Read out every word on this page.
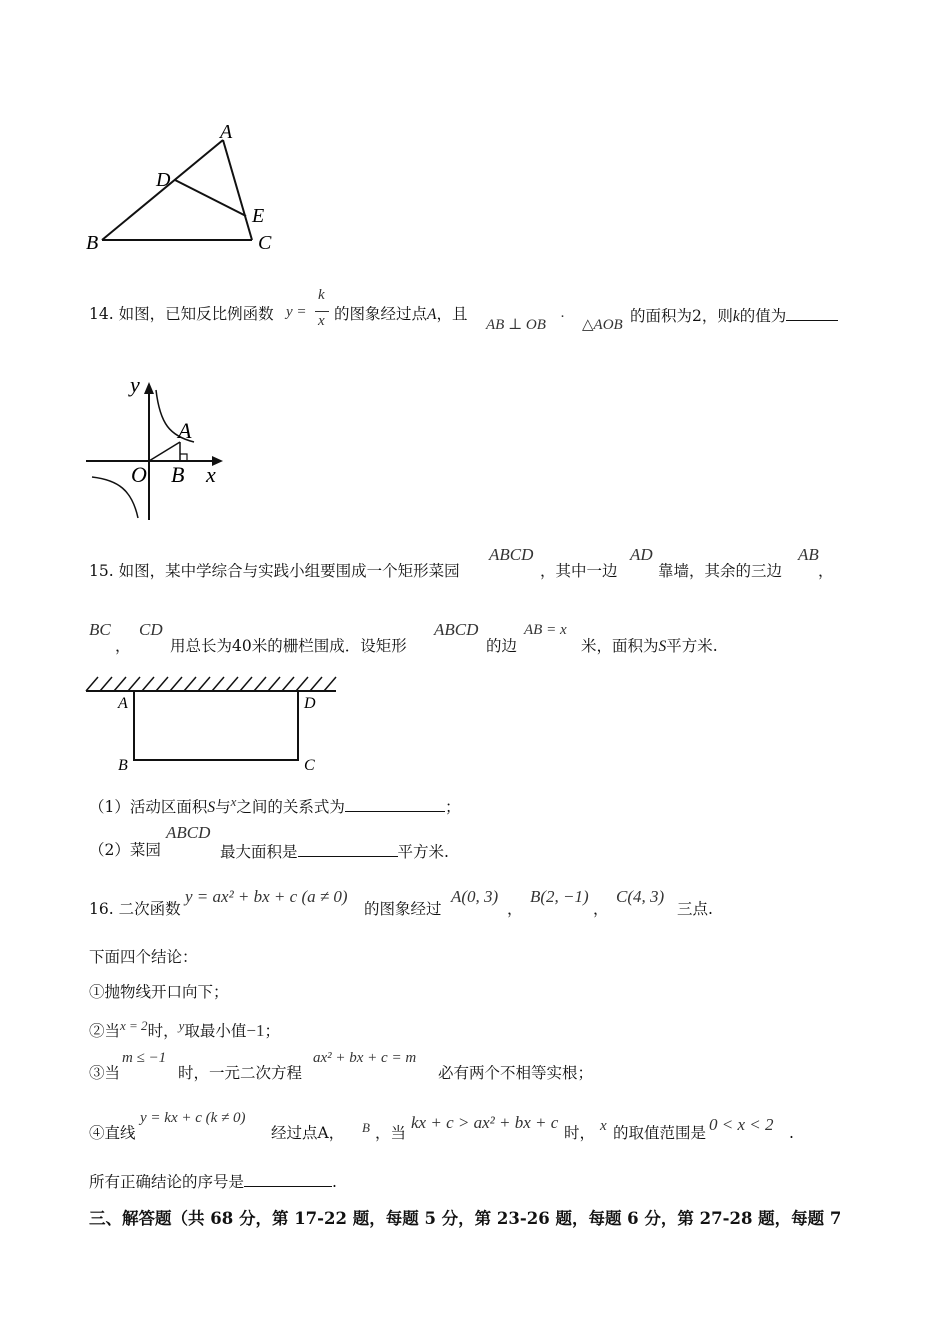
A
D
E
B	C
14. 如图，已知反比例函数 y =
k
x 的图象经过点A，且
AB ⊥ OB
.
△AOB 的面积为2，则k的值为
y
A
O B x
15. 如图，某中学综合与实践小组要围成一个矩形菜园
ABCD
，其中一边
AD
靠墙，其余的三边
AB
，
BC
，
CD
用总长为40米的栅栏围成．设矩形
ABCD
的边
AB = x
米，面积为S平方米.
A	D
B	C
（1）活动区面积S与$^x$之间的关系式为	；
（2）菜园
ABCD
最大面积是	平方米.
16. 二次函数
y = ax² + bx + c (a ≠ 0)
的图象经过
A(0, 3)
，
B(2, −1)
，
C(4, 3)
三点.
下面四个结论：
①抛物线开口向下；
②当$^{x = 2}$时，$^y$取最小值−1；
③当
m ≤ −1
时，一元二次方程
ax² + bx + c = m
必有两个不相等实根；
④直线
y = kx + c (k ≠ 0)
经过点A， B ，当
kx + c > ax² + bx + c
时， x 的取值范围是 0 < x < 2 .
所有正确结论的序号是	.
三、解答题（共 68 分，第 17-22 题，每题 5 分，第 23-26 题，每题 6 分，第 27-28 题，每题 7
